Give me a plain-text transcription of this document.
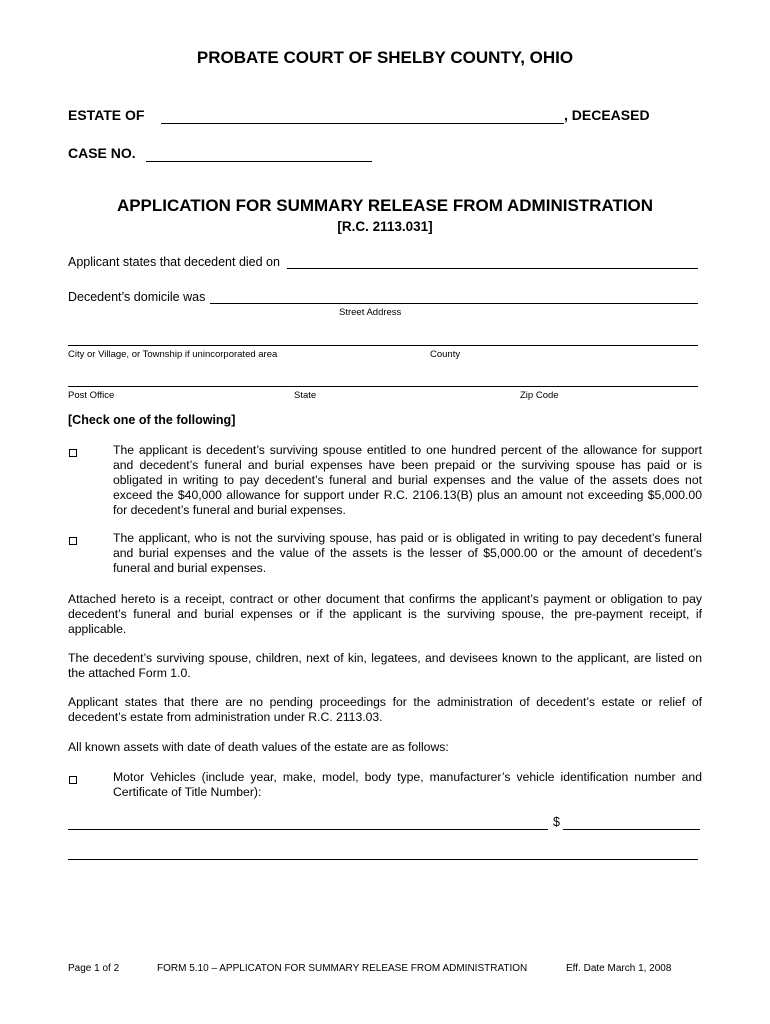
PROBATE COURT OF SHELBY COUNTY, OHIO
ESTATE OF	, DECEASED
CASE NO.
APPLICATION FOR SUMMARY RELEASE FROM ADMINISTRATION
[R.C. 2113.031]
Applicant states that decedent died on
Decedent’s domicile was
Street Address
City or Village, or Township if unincorporated area	County
Post Office	State	Zip Code
[Check one of the following]
The applicant is decedent’s surviving spouse entitled to one hundred percent of the allowance for support and decedent’s funeral and burial expenses have been prepaid or the surviving spouse has paid or is obligated in writing to pay decedent’s funeral and burial expenses and the value of the assets does not exceed the $40,000 allowance for support under R.C. 2106.13(B) plus an amount not exceeding $5,000.00 for decedent’s funeral and burial expenses.
The applicant, who is not the surviving spouse, has paid or is obligated in writing to pay decedent’s funeral and burial expenses and the value of the assets is the lesser of $5,000.00 or the amount of decedent’s funeral and burial expenses.
Attached hereto is a receipt, contract or other document that confirms the applicant’s payment or obligation to pay decedent’s funeral and burial expenses or if the applicant is the surviving spouse, the pre-payment receipt, if applicable.
The decedent’s surviving spouse, children, next of kin, legatees, and devisees known to the applicant, are listed on the attached Form 1.0.
Applicant states that there are no pending proceedings for the administration of decedent’s estate or relief of decedent’s estate from administration under R.C. 2113.03.
All known assets with date of death values of the estate are as follows:
Motor Vehicles (include year, make, model, body type, manufacturer’s vehicle identification number and Certificate of Title Number):
$
Page 1 of 2	FORM 5.10 – APPLICATON FOR SUMMARY RELEASE FROM ADMINISTRATION	Eff. Date March 1, 2008
